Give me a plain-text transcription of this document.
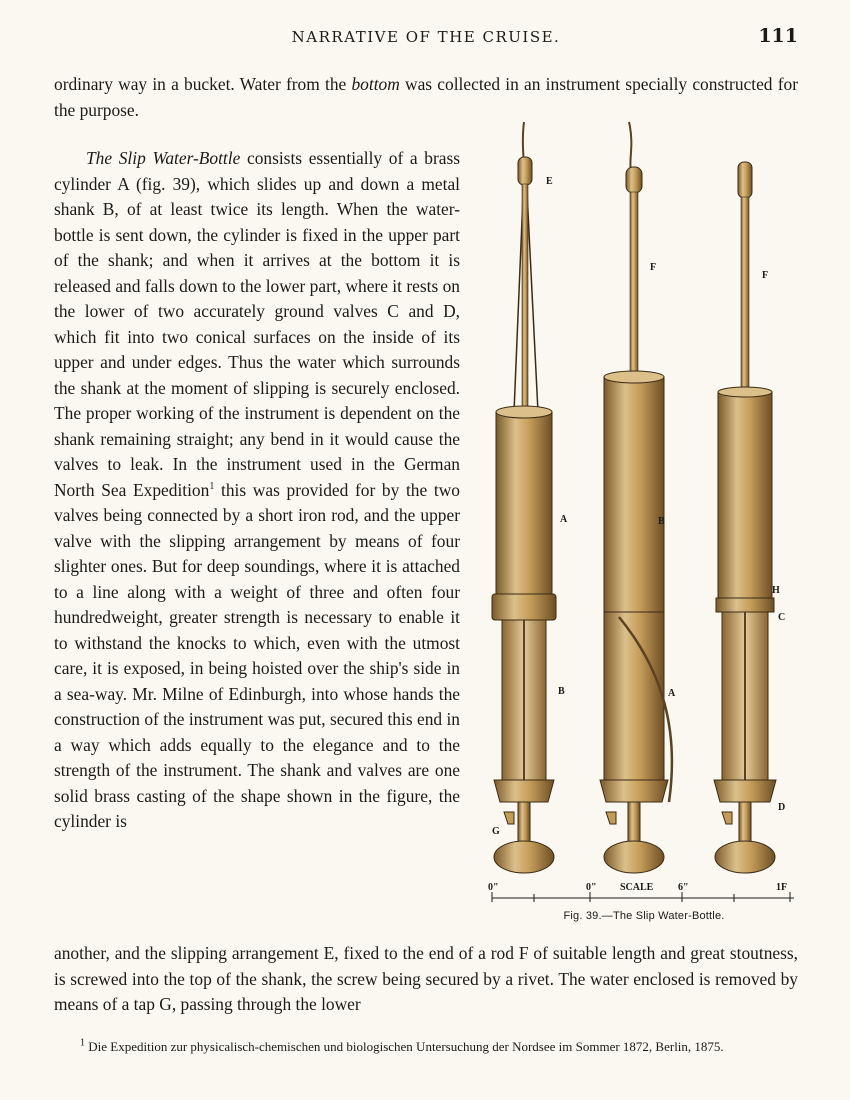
NARRATIVE OF THE CRUISE.	111
ordinary way in a bucket. Water from the bottom was collected in an instrument specially constructed for the purpose.
The Slip Water-Bottle consists essentially of a brass cylinder A (fig. 39), which slides up and down a metal shank B, of at least twice its length. When the water-bottle is sent down, the cylinder is fixed in the upper part of the shank; and when it arrives at the bottom it is released and falls down to the lower part, where it rests on the lower of two accurately ground valves C and D, which fit into two conical surfaces on the inside of its upper and under edges. Thus the water which surrounds the shank at the moment of slipping is securely enclosed. The proper working of the instrument is dependent on the shank remaining straight; any bend in it would cause the valves to leak. In the instrument used in the German North Sea Expedition$^1$ this was provided for by the two valves being connected by a short iron rod, and the upper valve with the slipping arrangement by means of four slighter ones. But for deep soundings, where it is attached to a line along with a weight of three and often four hundredweight, greater strength is necessary to enable it to withstand the knocks to which, even with the utmost care, it is exposed, in being hoisted over the ship's side in a sea-way. Mr. Milne of Edinburgh, into whose hands the construction of the instrument was put, secured this end in a way which adds equally to the elegance and to the strength of the instrument. The shank and valves are one solid brass casting of the shape shown in the figure, the cylinder is
E
F
F
A	B
B	A
H
C
D
G
0"	0" SCALE 6"	1F
Fig. 39.—The Slip Water-Bottle.
another, and the slipping arrangement E, fixed to the end of a rod F of suitable length and great stoutness, is screwed into the top of the shank, the screw being secured by a rivet. The water enclosed is removed by means of a tap G, passing through the lower
$^1$ Die Expedition zur physicalisch-chemischen und biologischen Untersuchung der Nordsee im Sommer 1872, Berlin, 1875.
